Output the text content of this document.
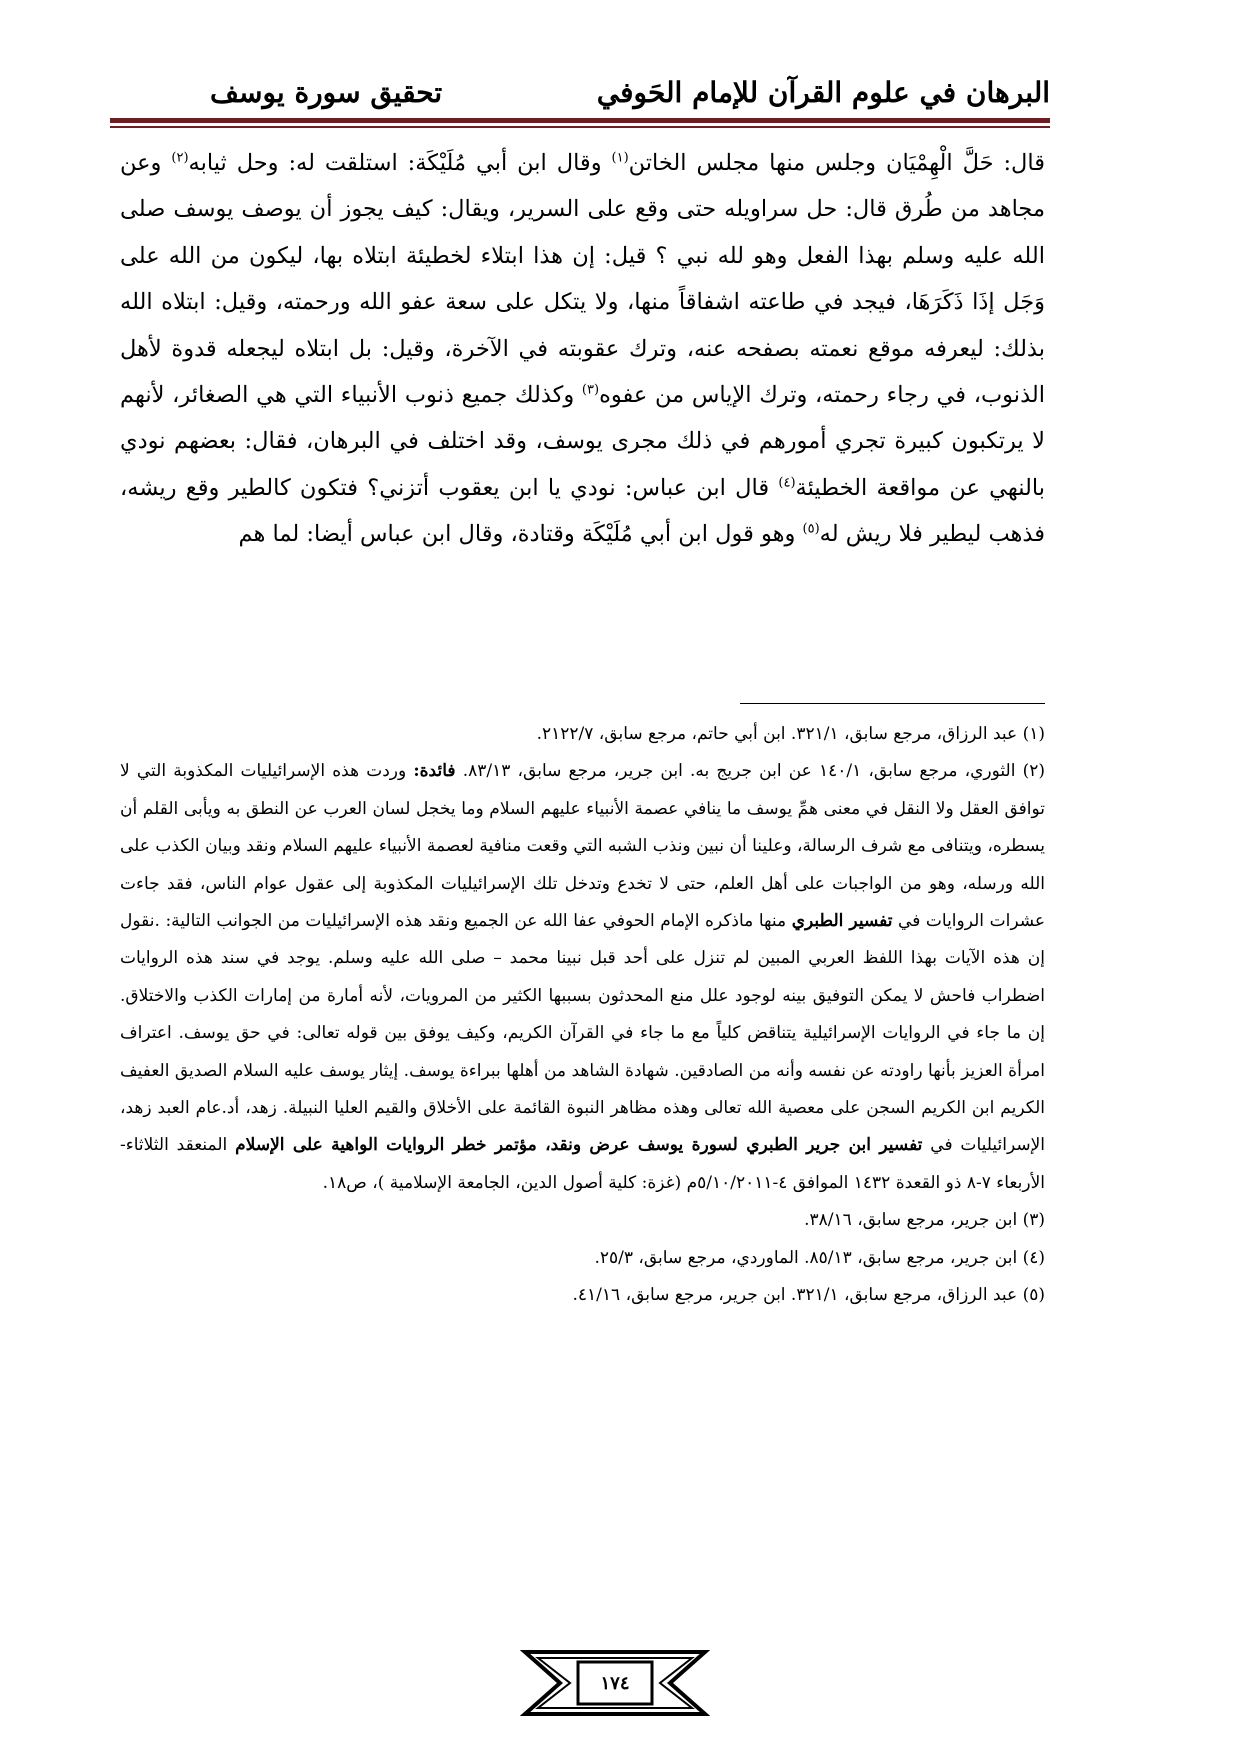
البرهان في علوم القرآن للإمام الحَوفي
تحقيق سورة يوسف

قال: حَلَّ الْهِمْيَان وجلس منها مجلس الخاتن$^{(١)}$ وقال ابن أبي مُلَيْكَة: استلقت له: وحل ثيابه$^{(٢)}$ وعن مجاهد من طُرق قال: حل سراويله حتى وقع على السرير، ويقال: كيف يجوز أن يوصف يوسف صلى الله عليه وسلم بهذا الفعل وهو لله نبي ؟ قيل: إن هذا ابتلاء لخطيئة ابتلاه بها، ليكون من الله على وَجَل إذَا ذَكَرَهَا، فيجد في طاعته اشفاقاً منها، ولا يتكل على سعة عفو الله ورحمته، وقيل: ابتلاه الله بذلك: ليعرفه موقع نعمته بصفحه عنه، وترك عقوبته في الآخرة، وقيل: بل ابتلاه ليجعله قدوة لأهل الذنوب، في رجاء رحمته، وترك الإياس من عفوه$^{(٣)}$ وكذلك جميع ذنوب الأنبياء التي هي الصغائر، لأنهم لا يرتكبون كبيرة تجري أمورهم في ذلك مجرى يوسف، وقد اختلف في البرهان، فقال: بعضهم نودي بالنهي عن مواقعة الخطيئة$^{(٤)}$ قال ابن عباس: نودي يا ابن يعقوب أتزني؟ فتكون كالطير وقع ريشه، فذهب ليطير فلا ريش له$^{(٥)}$ وهو قول ابن أبي مُلَيْكَة وقتادة، وقال ابن عباس أيضا: لما هم

(١) عبد الرزاق، مرجع سابق، ٣٢١/١. ابن أبي حاتم، مرجع سابق، ٢١٢٢/٧.

(٢) الثوري، مرجع سابق، ١٤٠/١ عن ابن جريج به. ابن جرير، مرجع سابق، ٨٣/١٣. فائدة: وردت هذه الإسرائيليات المكذوبة التي لا توافق العقل ولا النقل في معنى همِّ يوسف ما ينافي عصمة الأنبياء عليهم السلام وما يخجل لسان العرب عن النطق به ويأبى القلم أن يسطره، ويتنافى مع شرف الرسالة، وعلينا أن نبين ونذب الشبه التي وقعت منافية لعصمة الأنبياء عليهم السلام ونقد وبيان الكذب على الله ورسله، وهو من الواجبات على أهل العلم، حتى لا تخدع وتدخل تلك الإسرائيليات المكذوبة إلى عقول عوام الناس، فقد جاءت عشرات الروايات في تفسير الطبري منها ماذكره الإمام الحوفي عفا الله عن الجميع ونقد هذه الإسرائيليات من الجوانب التالية: .نقول إن هذه الآيات بهذا اللفظ العربي المبين لم تنزل على أحد قبل نبينا محمد – صلى الله عليه وسلم. يوجد في سند هذه الروايات اضطراب فاحش لا يمكن التوفيق بينه لوجود علل منع المحدثون بسببها الكثير من المرويات، لأنه أمارة من إمارات الكذب والاختلاق. إن ما جاء في الروايات الإسرائيلية يتناقض كلياً مع ما جاء في القرآن الكريم، وكيف يوفق بين قوله تعالى: في حق يوسف. اعتراف امرأة العزيز بأنها راودته عن نفسه وأنه من الصادقين. شهادة الشاهد من أهلها ببراءة يوسف. إيثار يوسف عليه السلام الصديق العفيف الكريم ابن الكريم السجن على معصية الله تعالى وهذه مظاهر النبوة القائمة على الأخلاق والقيم العليا النبيلة. زهد، أد.عام العبد زهد، الإسرائيليات في تفسير ابن جرير الطبري لسورة يوسف عرض ونقد، مؤتمر خطر الروايات الواهية على الإسلام المنعقد الثلاثاء-الأربعاء ٧-٨ ذو القعدة ١٤٣٢ الموافق ٤-٥/١٠/٢٠١١م (غزة: كلية أصول الدين، الجامعة الإسلامية )، ص١٨.

(٣) ابن جرير، مرجع سابق، ٣٨/١٦.

(٤) ابن جرير، مرجع سابق، ٨٥/١٣. الماوردي، مرجع سابق، ٢٥/٣.

(٥) عبد الرزاق، مرجع سابق، ٣٢١/١. ابن جرير، مرجع سابق، ٤١/١٦.

١٧٤
